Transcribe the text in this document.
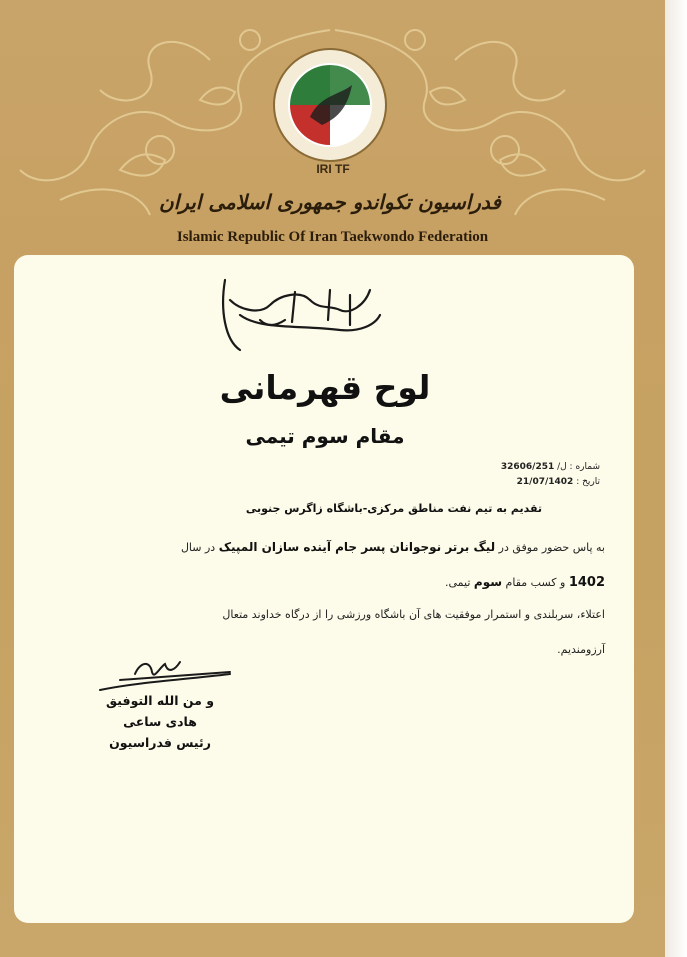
IRI TF
فدراسیون تکواندو جمهوری اسلامی ایران
Islamic Republic Of Iran Taekwondo Federation
لوح قهرمانی
مقام سوم تیمی
شماره : ل/ 32606/251
تاریخ : 21/07/1402
تقدیم به تیم نفت مناطق مرکزی-باشگاه زاگرس جنوبی
به پاس حضور موفق در لیگ برتر نوجوانان پسر جام آینده سازان المپیک در سال
1402 و کسب مقام سوم تیمی.
اعتلاء، سربلندی و استمرار موفقیت های آن باشگاه ورزشی را از درگاه خداوند متعال
آرزومندیم.
و من الله التوفیق
هادی ساعی
رئیس فدراسیون
